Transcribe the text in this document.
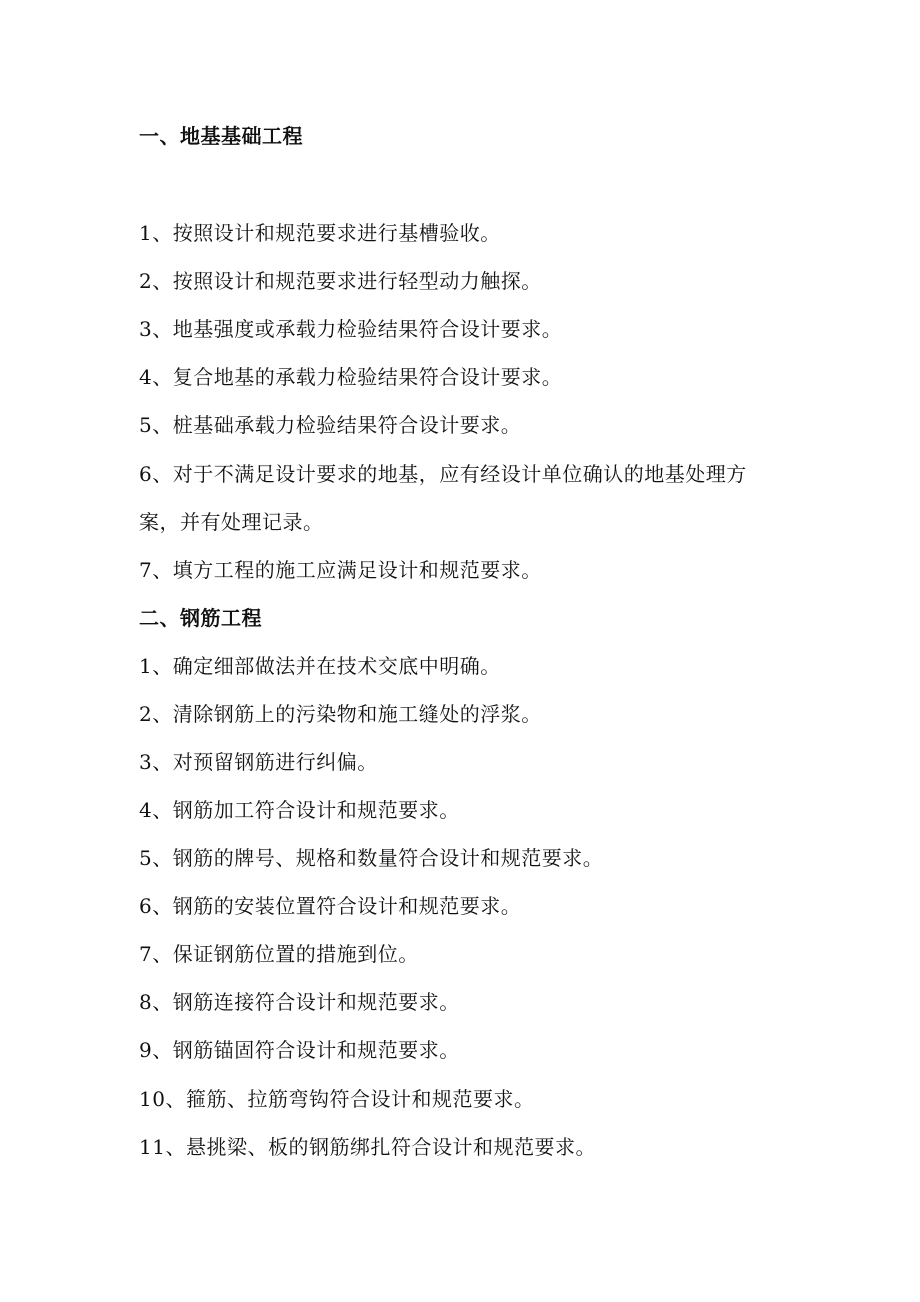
一、地基基础工程
1、按照设计和规范要求进行基槽验收。
2、按照设计和规范要求进行轻型动力触探。
3、地基强度或承载力检验结果符合设计要求。
4、复合地基的承载力检验结果符合设计要求。
5、桩基础承载力检验结果符合设计要求。
6、对于不满足设计要求的地基，应有经设计单位确认的地基处理方
案，并有处理记录。
7、填方工程的施工应满足设计和规范要求。
二、钢筋工程
1、确定细部做法并在技术交底中明确。
2、清除钢筋上的污染物和施工缝处的浮浆。
3、对预留钢筋进行纠偏。
4、钢筋加工符合设计和规范要求。
5、钢筋的牌号、规格和数量符合设计和规范要求。
6、钢筋的安装位置符合设计和规范要求。
7、保证钢筋位置的措施到位。
8、钢筋连接符合设计和规范要求。
9、钢筋锚固符合设计和规范要求。
10、箍筋、拉筋弯钩符合设计和规范要求。
11、悬挑梁、板的钢筋绑扎符合设计和规范要求。
